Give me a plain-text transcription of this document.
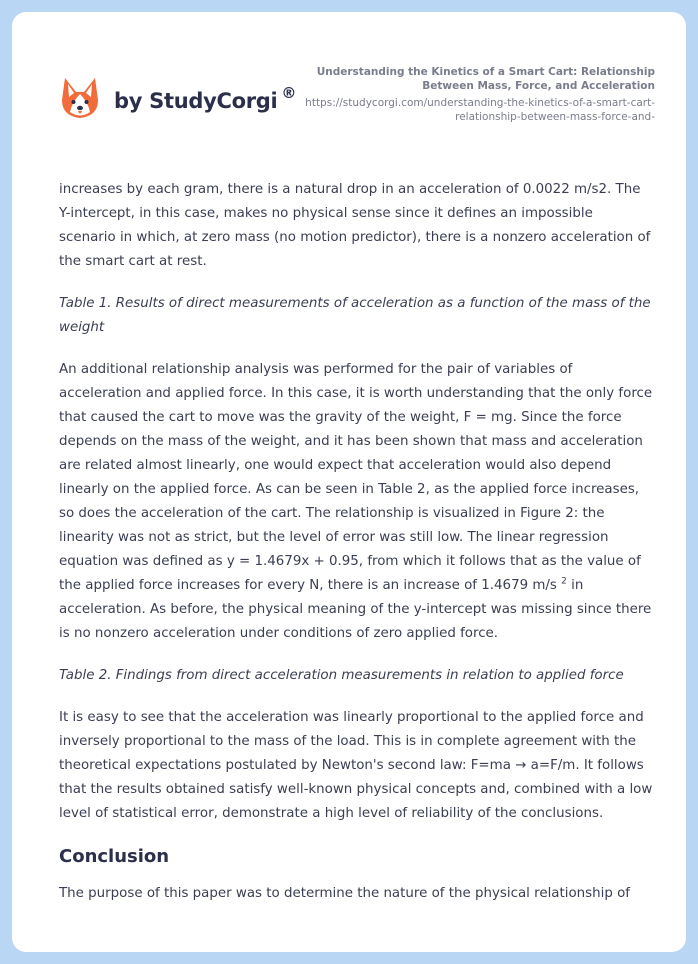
by StudyCorgi ®
Understanding the Kinetics of a Smart Cart: Relationship Between Mass, Force, and Acceleration
https://studycorgi.com/understanding-the-kinetics-of-a-smart-cart-relationship-between-mass-force-and-

increases by each gram, there is a natural drop in an acceleration of 0.0022 m/s2. The Y-intercept, in this case, makes no physical sense since it defines an impossible scenario in which, at zero mass (no motion predictor), there is a nonzero acceleration of the smart cart at rest.

Table 1. Results of direct measurements of acceleration as a function of the mass of the weight

An additional relationship analysis was performed for the pair of variables of acceleration and applied force. In this case, it is worth understanding that the only force that caused the cart to move was the gravity of the weight, F = mg. Since the force depends on the mass of the weight, and it has been shown that mass and acceleration are related almost linearly, one would expect that acceleration would also depend linearly on the applied force. As can be seen in Table 2, as the applied force increases, so does the acceleration of the cart. The relationship is visualized in Figure 2: the linearity was not as strict, but the level of error was still low. The linear regression equation was defined as y = 1.4679x + 0.95, from which it follows that as the value of the applied force increases for every N, there is an increase of 1.4679 m/s $^2$ in acceleration. As before, the physical meaning of the y-intercept was missing since there is no nonzero acceleration under conditions of zero applied force.

Table 2. Findings from direct acceleration measurements in relation to applied force

It is easy to see that the acceleration was linearly proportional to the applied force and inversely proportional to the mass of the load. This is in complete agreement with the theoretical expectations postulated by Newton's second law: F=ma → a=F/m. It follows that the results obtained satisfy well-known physical concepts and, combined with a low level of statistical error, demonstrate a high level of reliability of the conclusions.

Conclusion

The purpose of this paper was to determine the nature of the physical relationship of
